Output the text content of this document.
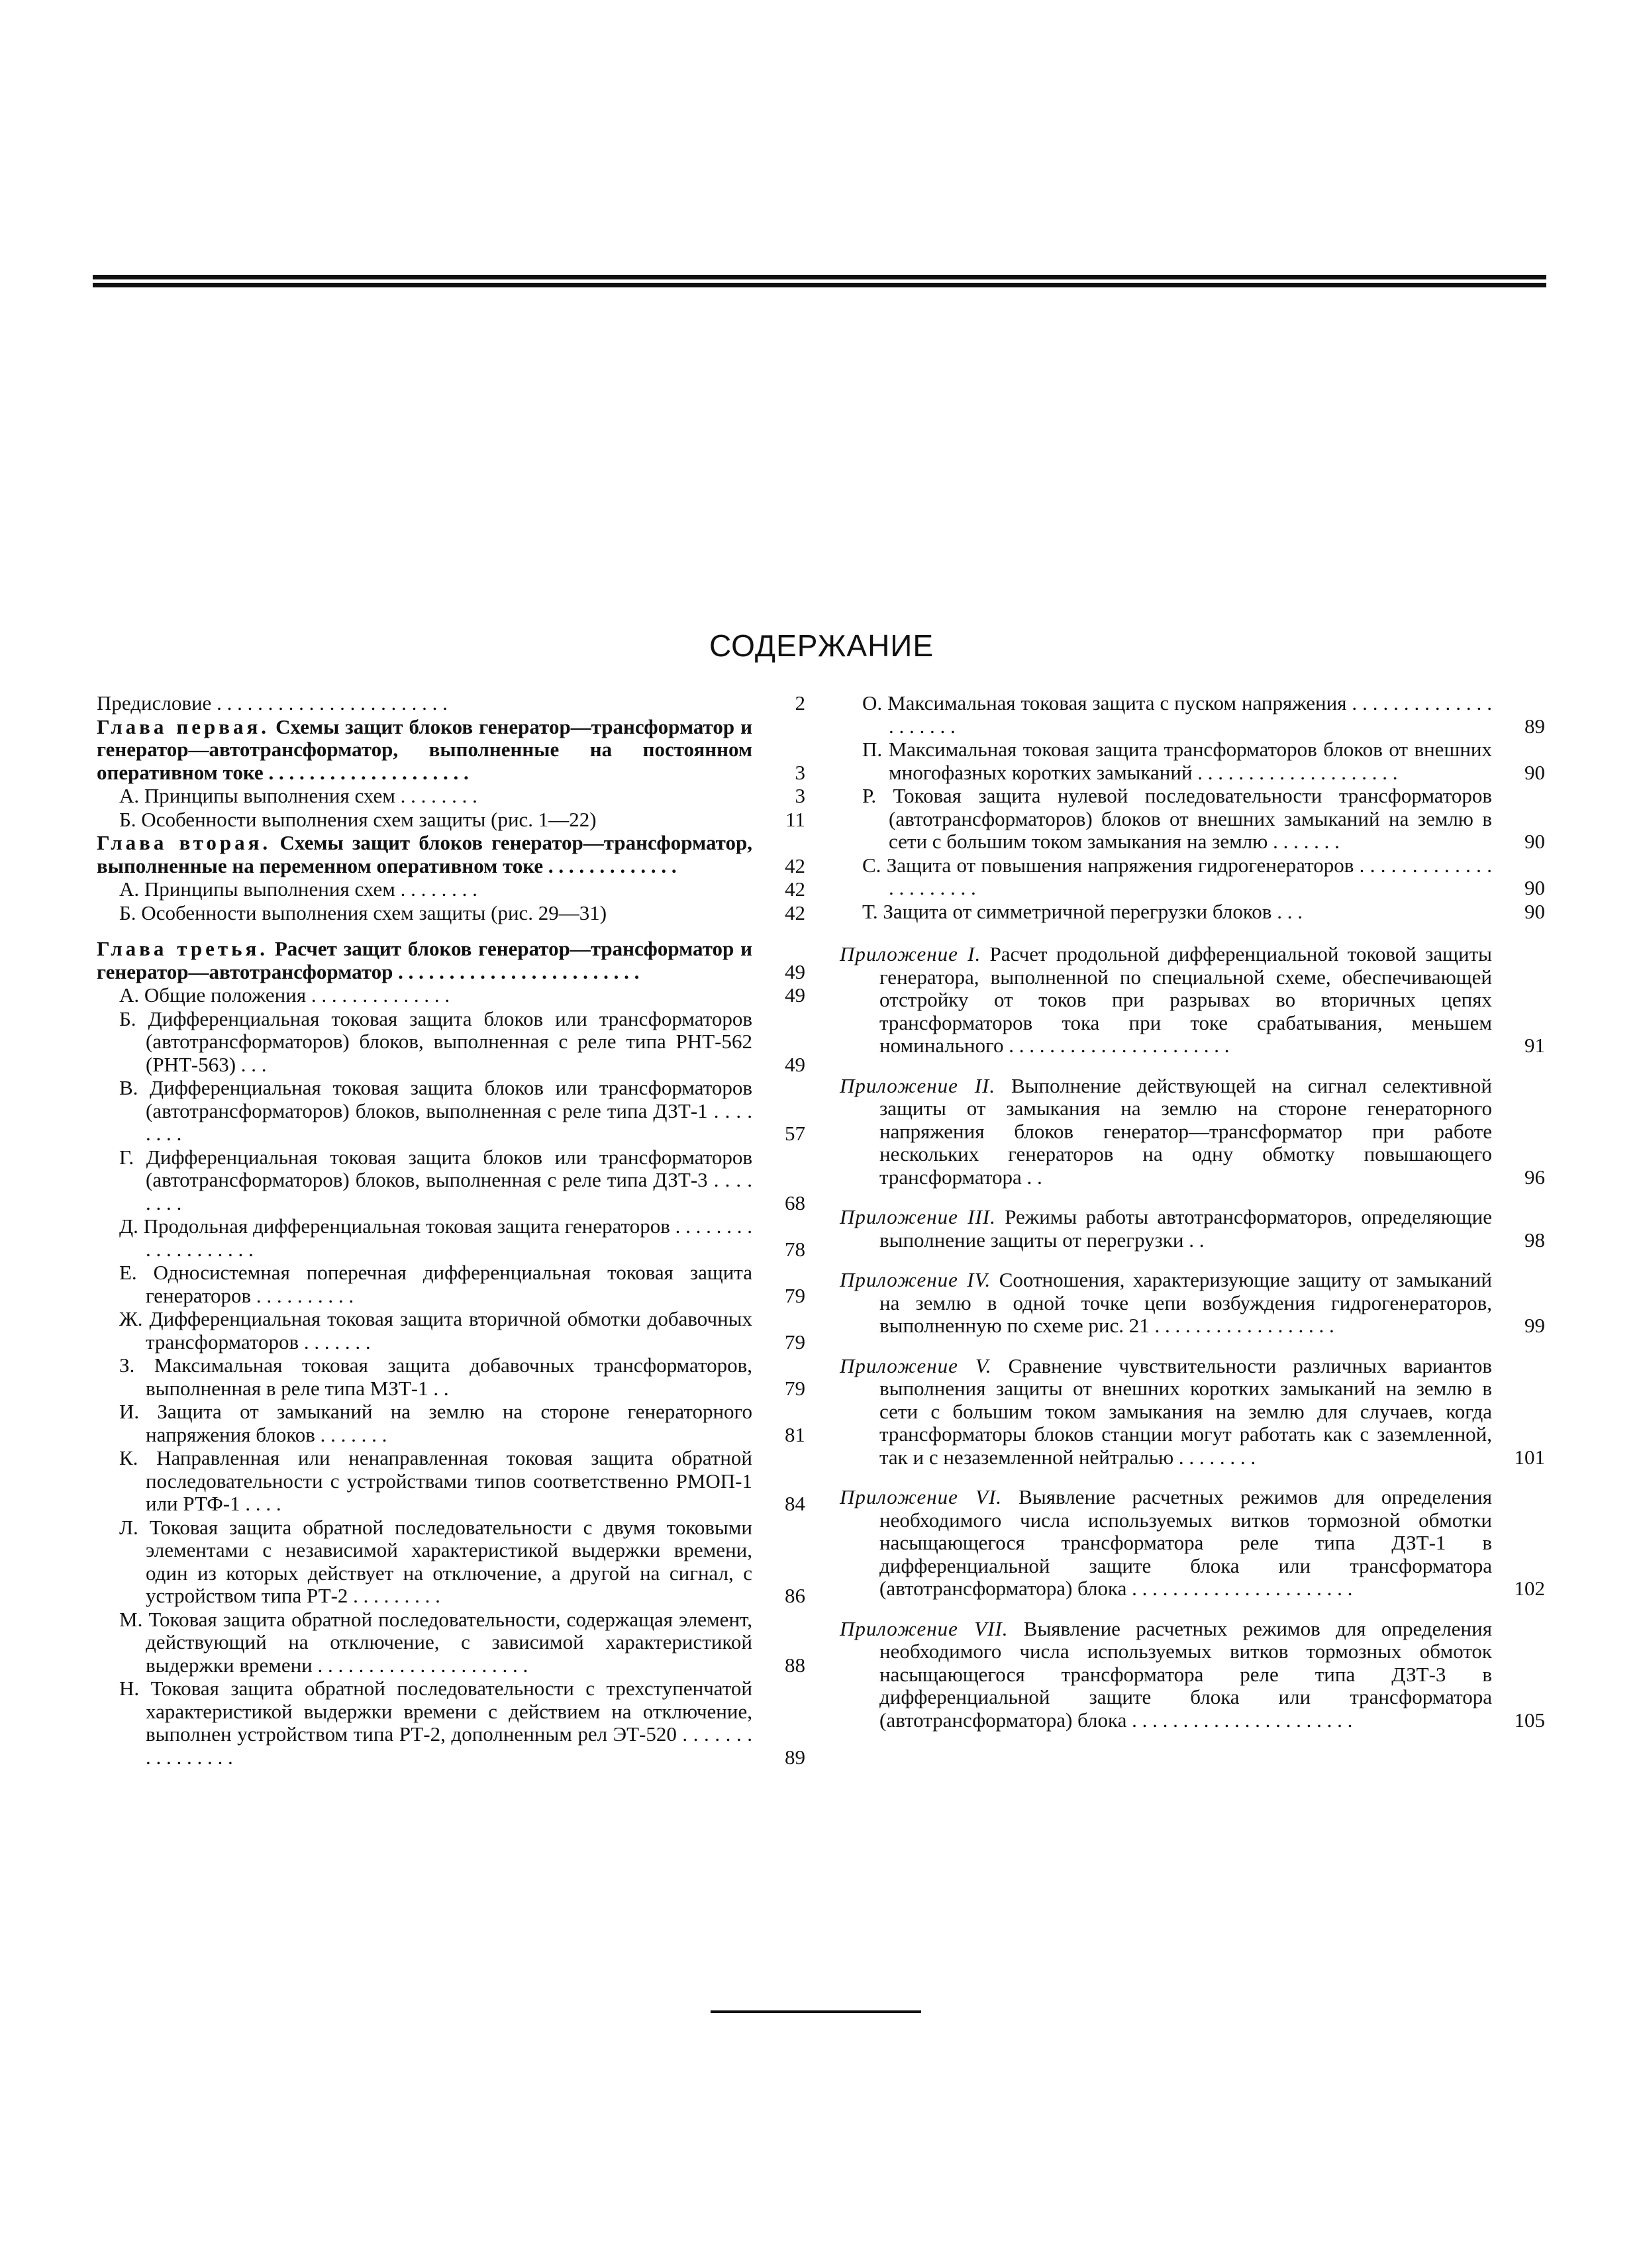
СОДЕРЖАНИЕ
Предисловие . . . . . . . . . . . . . . . . . . . . . . .	2
Глава первая. Схемы защит блоков генератор—трансформатор и генератор—автотрансформатор, выполненные на постоянном оперативном токе . . . . . . . . . . . . . . . . . . . .	3
А. Принципы выполнения схем . . . . . . . .	3
Б. Особенности выполнения схем защиты (рис. 1—22)	11
Глава вторая. Схемы защит блоков генератор—трансформатор, выполненные на переменном оперативном токе . . . . . . . . . . . . .	42
А. Принципы выполнения схем . . . . . . . .	42
Б. Особенности выполнения схем защиты (рис. 29—31)	42
Глава третья. Расчет защит блоков генератор—трансформатор и генератор—автотрансформатор . . . . . . . . . . . . . . . . . . . . . . . .	49
А. Общие положения . . . . . . . . . . . . . .	49
Б. Дифференциальная токовая защита блоков или трансформаторов (автотрансформаторов) блоков, выполненная с реле типа РНТ-562 (РНТ-563) . . .	49
В. Дифференциальная токовая защита блоков или трансформаторов (автотрансформаторов) блоков, выполненная с реле типа ДЗТ-1 . . . . . . . .	57
Г. Дифференциальная токовая защита блоков или трансформаторов (автотрансформаторов) блоков, выполненная с реле типа ДЗТ-3 . . . . . . . .	68
Д. Продольная дифференциальная токовая защита генераторов . . . . . . . . . . . . . . . . . . .	78
Е. Односистемная поперечная дифференциальная токовая защита генераторов . . . . . . . . . .	79
Ж. Дифференциальная токовая защита вторичной обмотки добавочных трансформаторов . . . . . . .	79
З. Максимальная токовая защита добавочных трансформаторов, выполненная в реле типа МЗТ-1 . .	79
И. Защита от замыканий на землю на стороне генераторного напряжения блоков . . . . . . .	81
К. Направленная или ненаправленная токовая защита обратной последовательности с устройствами типов соответственно РМОП-1 или РТФ-1 . . . .	84
Л. Токовая защита обратной последовательности с двумя токовыми элементами с независимой характеристикой выдержки времени, один из которых действует на отключение, а другой на сигнал, с устройством типа РТ-2 . . . . . . . . .	86
М. Токовая защита обратной последовательности, содержащая элемент, действующий на отключение, с зависимой характеристикой выдержки времени . . . . . . . . . . . . . . . . . . . . .	88
Н. Токовая защита обратной последовательности с трехступенчатой характеристикой выдержки времени с действием на отключение, выполнен устройством типа РТ-2, дополненным рел ЭТ-520 . . . . . . . . . . . . . . . .	89
О. Максимальная токовая защита с пуском напряжения . . . . . . . . . . . . . . . . . . . . .	89
П. Максимальная токовая защита трансформаторов блоков от внешних многофазных коротких замыканий . . . . . . . . . . . . . . . . . . . .	90
Р. Токовая защита нулевой последовательности трансформаторов (автотрансформаторов) блоков от внешних замыканий на землю в сети с большим током замыкания на землю . . . . . . .	90
С. Защита от повышения напряжения гидрогенераторов . . . . . . . . . . . . . . . . . . . . . .	90
Т. Защита от симметричной перегрузки блоков . . .	90
Приложение I. Расчет продольной дифференциальной токовой защиты генератора, выполненной по специальной схеме, обеспечивающей отстройку от токов при разрывах во вторичных цепях трансформаторов тока при токе срабатывания, меньшем номинального . . . . . . . . . . . . . . . . . . . . . .	91
Приложение II. Выполнение действующей на сигнал селективной защиты от замыкания на землю на стороне генераторного напряжения блоков генератор—трансформатор при работе нескольких генераторов на одну обмотку повышающего трансформатора . .	96
Приложение III. Режимы работы автотрансформаторов, определяющие выполнение защиты от перегрузки . .	98
Приложение IV. Соотношения, характеризующие защиту от замыканий на землю в одной точке цепи возбуждения гидрогенераторов, выполненную по схеме рис. 21 . . . . . . . . . . . . . . . . . .	99
Приложение V. Сравнение чувствительности различных вариантов выполнения защиты от внешних коротких замыканий на землю в сети с большим током замыкания на землю для случаев, когда трансформаторы блоков станции могут работать как с заземленной, так и с незаземленной нейтралью . . . . . . . .	101
Приложение VI. Выявление расчетных режимов для определения необходимого числа используемых витков тормозной обмотки насыщающегося трансформатора реле типа ДЗТ-1 в дифференциальной защите блока или трансформатора (автотрансформатора) блока . . . . . . . . . . . . . . . . . . . . . .	102
Приложение VII. Выявление расчетных режимов для определения необходимого числа используемых витков тормозных обмоток насыщающегося трансформатора реле типа ДЗТ-3 в дифференциальной защите блока или трансформатора (автотрансформатора) блока . . . . . . . . . . . . . . . . . . . . . .	105
